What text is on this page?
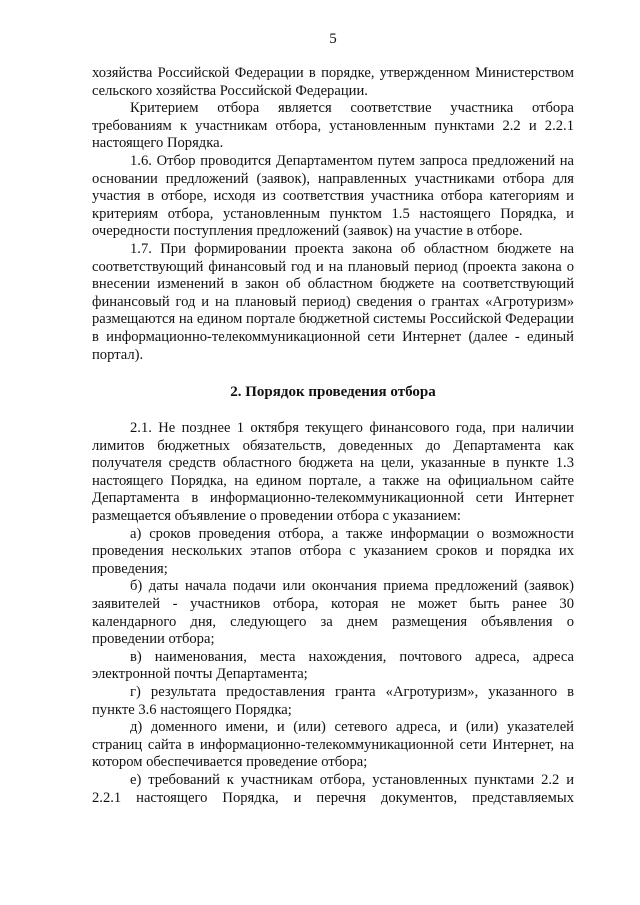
5

хозяйства Российской Федерации в порядке, утвержденном Министерством сельского хозяйства Российской Федерации.

Критерием отбора является соответствие участника отбора требованиям к участникам отбора, установленным пунктами 2.2 и 2.2.1 настоящего Порядка.

1.6. Отбор проводится Департаментом путем запроса предложений на основании предложений (заявок), направленных участниками отбора для участия в отборе, исходя из соответствия участника отбора категориям и критериям отбора, установленным пунктом 1.5 настоящего Порядка, и очередности поступления предложений (заявок) на участие в отборе.

1.7. При формировании проекта закона об областном бюджете на соответствующий финансовый год и на плановый период (проекта закона о внесении изменений в закон об областном бюджете на соответствующий финансовый год и на плановый период) сведения о грантах «Агротуризм» размещаются на едином портале бюджетной системы Российской Федерации в информационно-телекоммуникационной сети Интернет (далее - единый портал).

2. Порядок проведения отбора

2.1. Не позднее 1 октября текущего финансового года, при наличии лимитов бюджетных обязательств, доведенных до Департамента как получателя средств областного бюджета на цели, указанные в пункте 1.3 настоящего Порядка, на едином портале, а также на официальном сайте Департамента в информационно-телекоммуникационной сети Интернет размещается объявление о проведении отбора с указанием:

а) сроков проведения отбора, а также информации о возможности проведения нескольких этапов отбора с указанием сроков и порядка их проведения;

б) даты начала подачи или окончания приема предложений (заявок) заявителей - участников отбора, которая не может быть ранее 30 календарного дня, следующего за днем размещения объявления о проведении отбора;

в) наименования, места нахождения, почтового адреса, адреса электронной почты Департамента;

г) результата предоставления гранта «Агротуризм», указанного в пункте 3.6 настоящего Порядка;

д) доменного имени, и (или) сетевого адреса, и (или) указателей страниц сайта в информационно-телекоммуникационной сети Интернет, на котором обеспечивается проведение отбора;

е) требований к участникам отбора, установленных пунктами 2.2 и 2.2.1 настоящего Порядка, и перечня документов, представляемых
